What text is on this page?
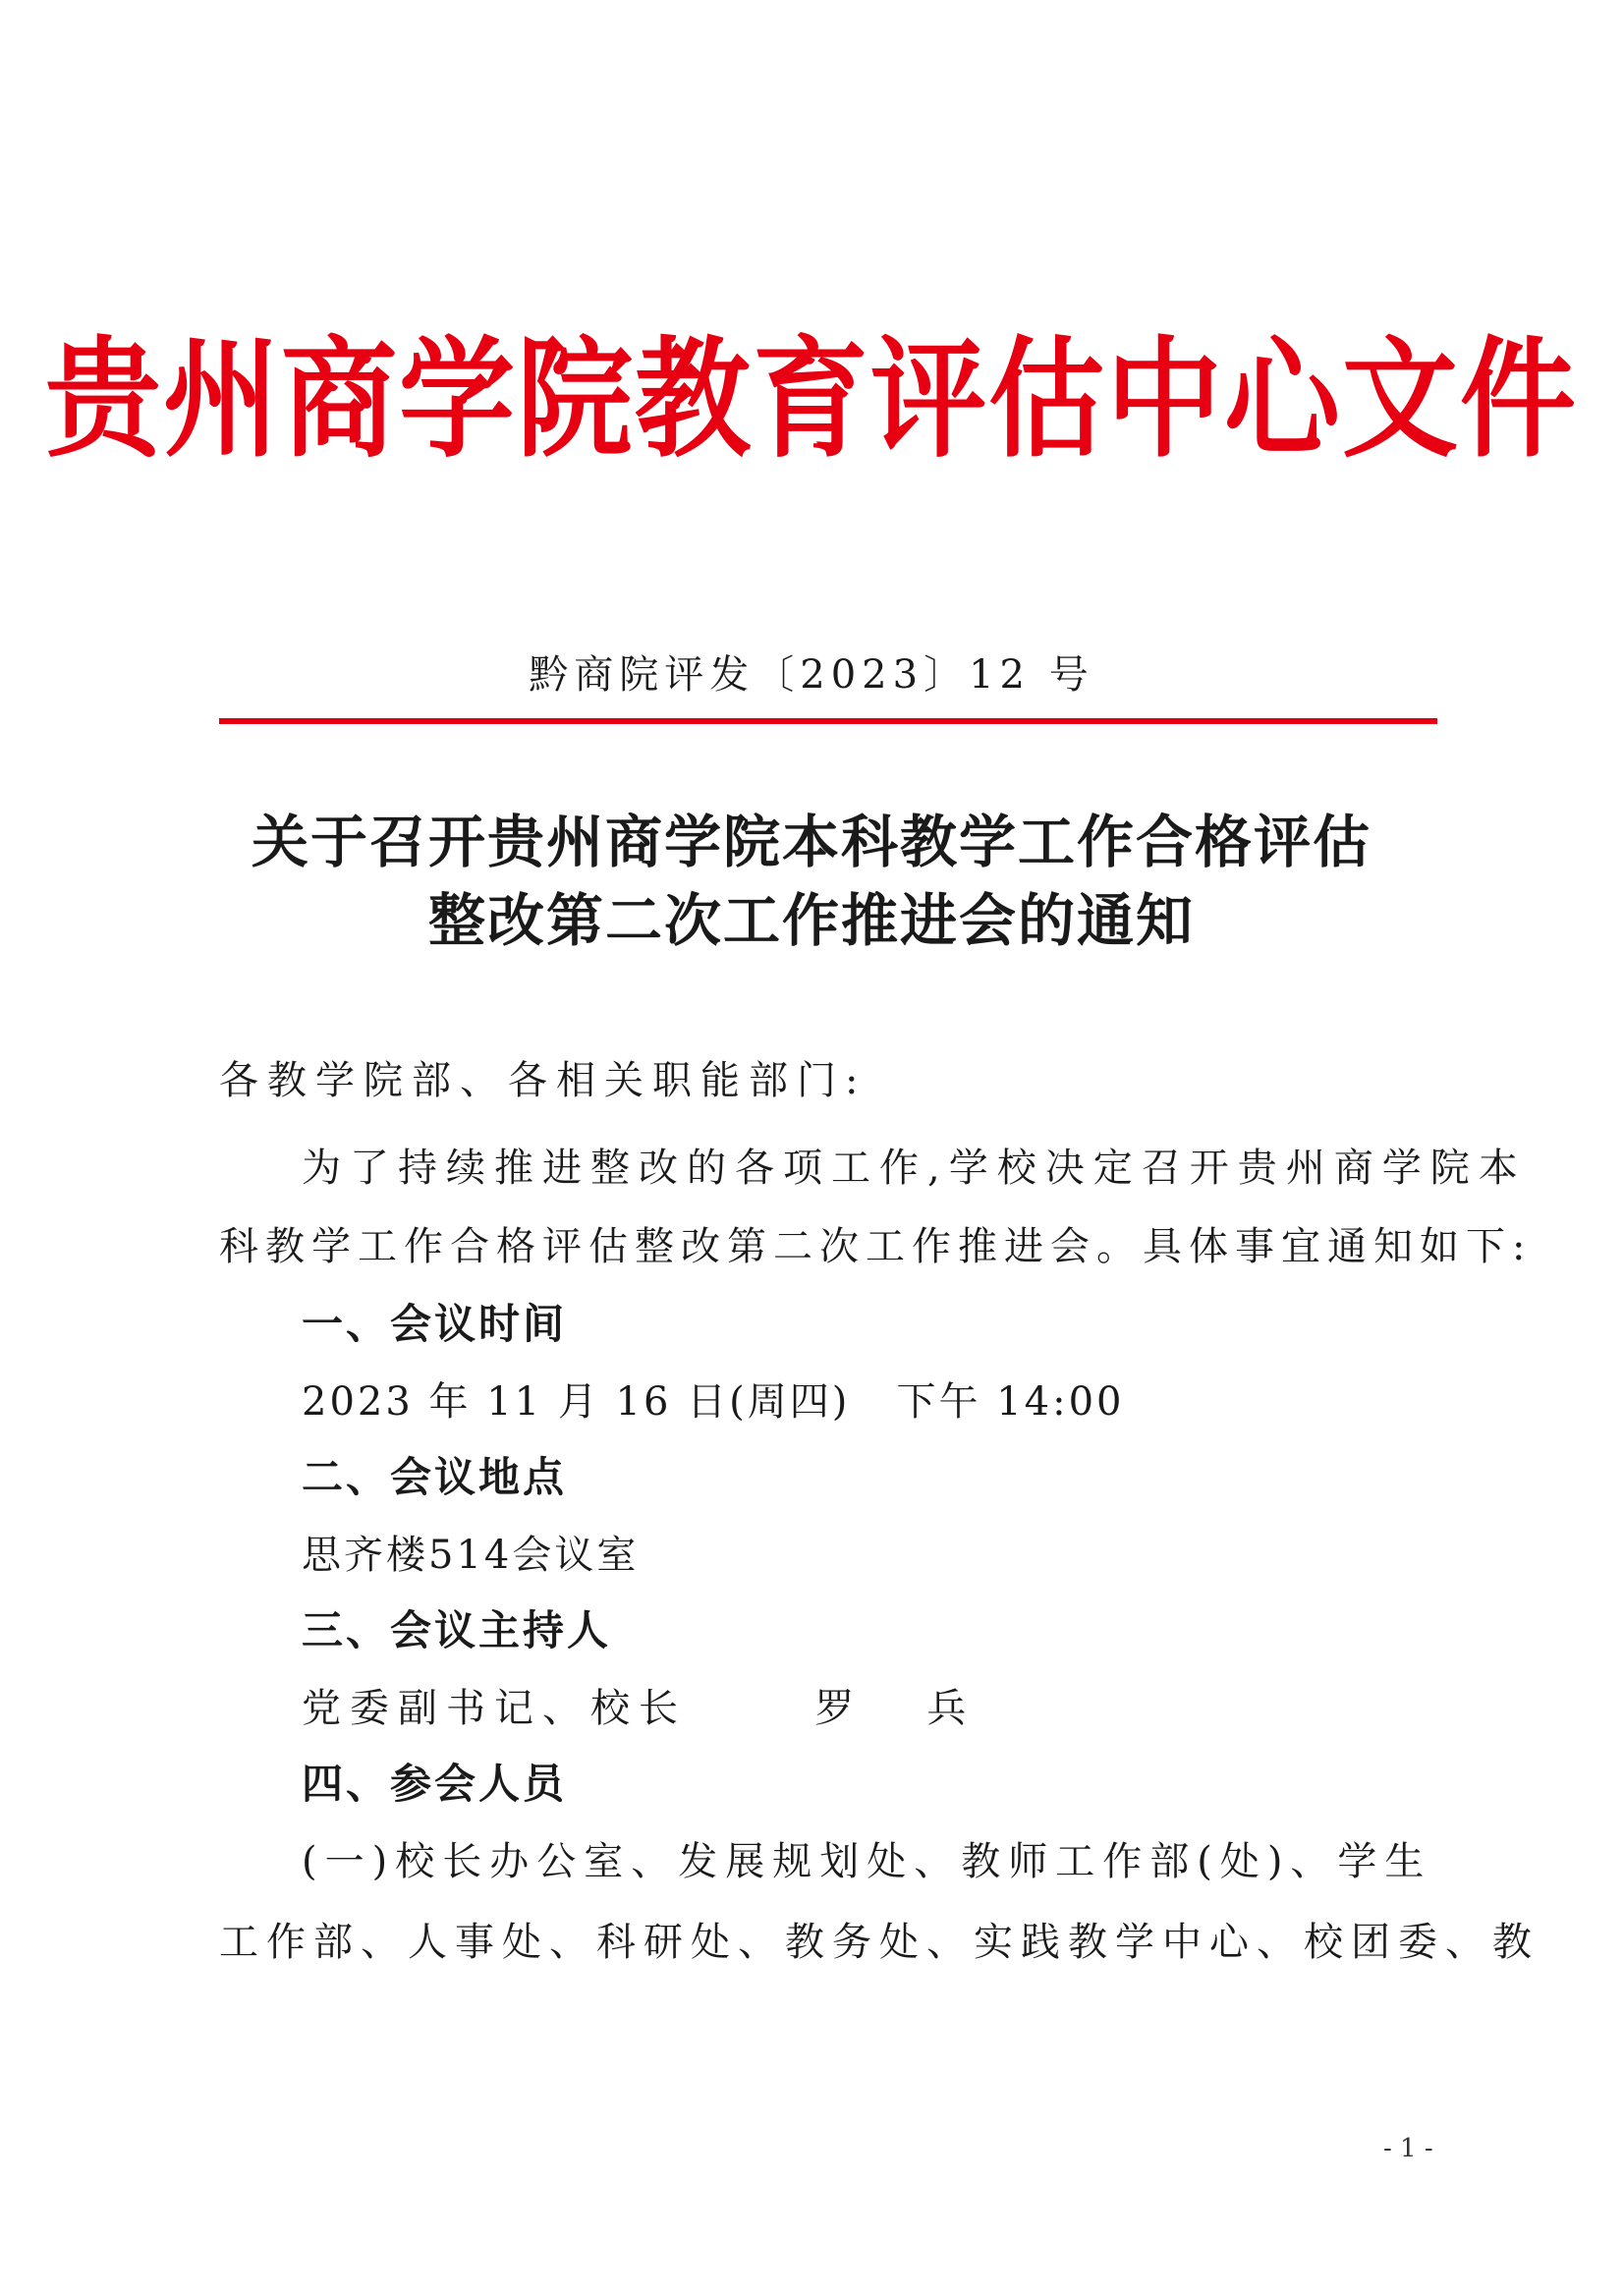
贵州商学院教育评估中心文件
黔商院评发〔2023〕12 号
关于召开贵州商学院本科教学工作合格评估
整改第二次工作推进会的通知
各教学院部、各相关职能部门:
为了持续推进整改的各项工作,学校决定召开贵州商学院本
科教学工作合格评估整改第二次工作推进会。具体事宜通知如下:
一、会议时间
2023 年 11 月 16 日(周四)   下午 14:00
二、会议地点
思齐楼514会议室
三、会议主持人
党委副书记、校长      罗   兵
四、参会人员
(一)校长办公室、发展规划处、教师工作部(处)、学生
工作部、人事处、科研处、教务处、实践教学中心、校团委、教
- 1 -
